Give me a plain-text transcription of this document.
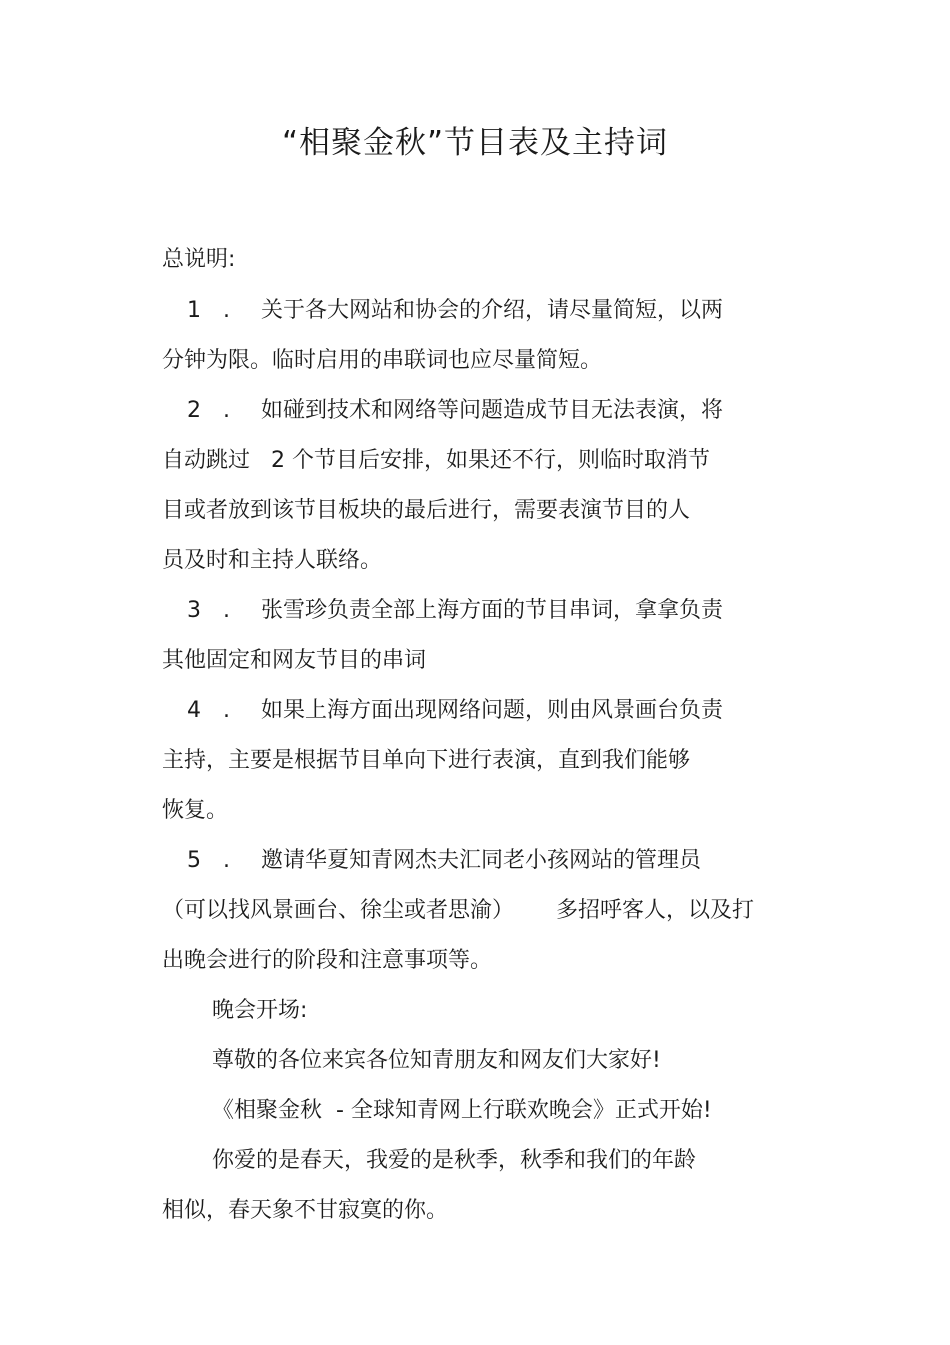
“相聚金秋”节目表及主持词
总说明:
1 . 关于各大网站和协会的介绍，请尽量简短，以两
分钟为限。临时启用的串联词也应尽量简短。
2 . 如碰到技术和网络等问题造成节目无法表演，将
自动跳过   2 个节目后安排，如果还不行，则临时取消节
目或者放到该节目板块的最后进行，需要表演节目的人
员及时和主持人联络。
3 . 张雪珍负责全部上海方面的节目串词，拿拿负责
其他固定和网友节目的串词
4 . 如果上海方面出现网络问题，则由风景画台负责
主持，主要是根据节目单向下进行表演，直到我们能够
恢复。
5 . 邀请华夏知青网杰夫汇同老小孩网站的管理员
（可以找风景画台、徐尘或者思渝）      多招呼客人，以及打
出晚会进行的阶段和注意事项等。
晚会开场:
尊敬的各位来宾各位知青朋友和网友们大家好!
《相聚金秋  - 全球知青网上行联欢晚会》正式开始!
你爱的是春天，我爱的是秋季，秋季和我们的年龄
相似，春天象不甘寂寞的你。
